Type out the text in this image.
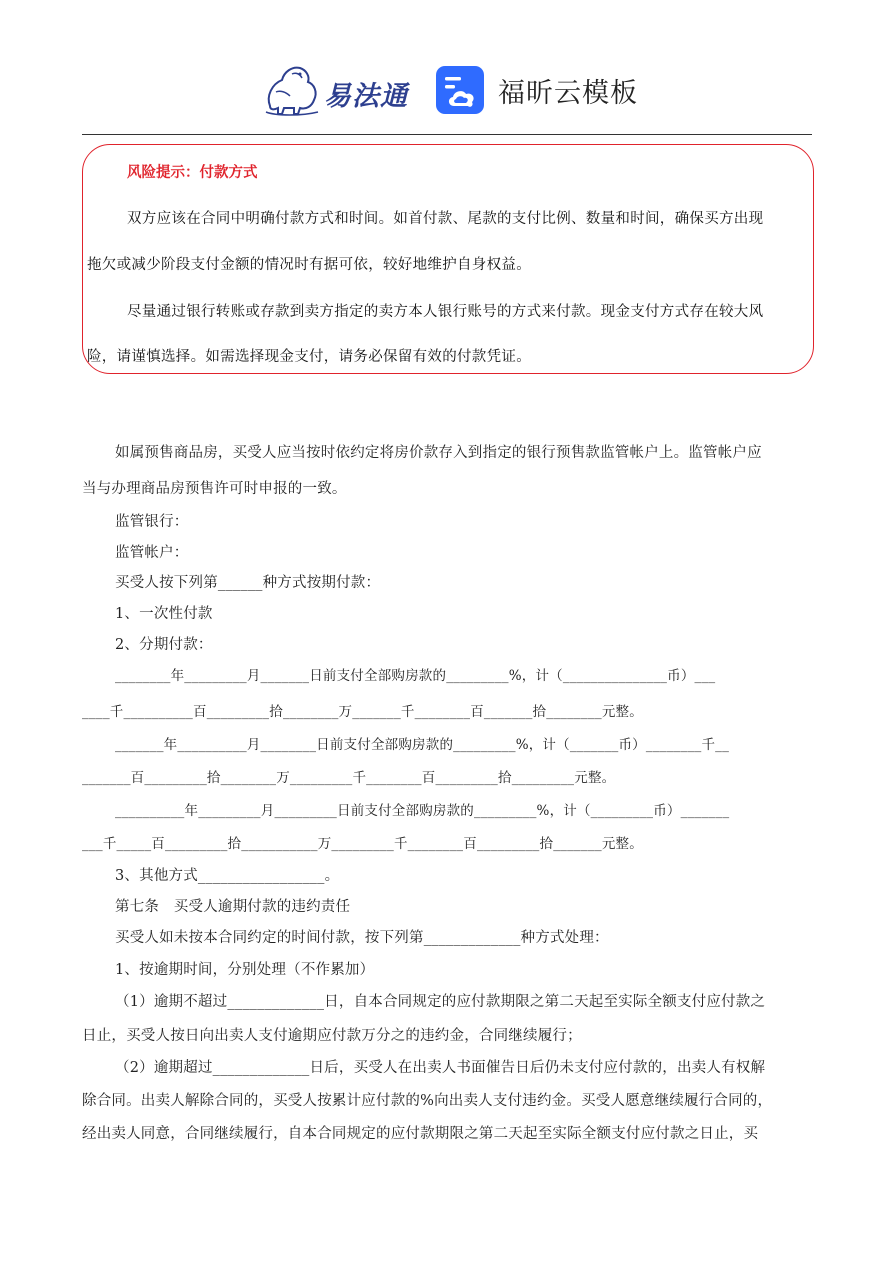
易法通	福昕云模板
风险提示：付款方式
双方应该在合同中明确付款方式和时间。如首付款、尾款的支付比例、数量和时间，确保买方出现
拖欠或减少阶段支付金额的情况时有据可依，较好地维护自身权益。
尽量通过银行转账或存款到卖方指定的卖方本人银行账号的方式来付款。现金支付方式存在较大风
险，请谨慎选择。如需选择现金支付，请务必保留有效的付款凭证。
如属预售商品房，买受人应当按时依约定将房价款存入到指定的银行预售款监管帐户上。监管帐户应
当与办理商品房预售许可时申报的一致。
监管银行：
监管帐户：
买受人按下列第______种方式按期付款：
1、一次性付款
2、分期付款：
________年_________月_______日前支付全部购房款的_________%，计（_______________币）___
____千__________百_________拾________万_______千________百_______拾________元整。
_______年__________月________日前支付全部购房款的_________%，计（_______币）________千__
_______百_________拾________万_________千________百_________拾_________元整。
__________年_________月_________日前支付全部购房款的_________%，计（_________币）_______
___千_____百_________拾___________万_________千________百_________拾_______元整。
3、其他方式_________________。
第七条　买受人逾期付款的违约责任
买受人如未按本合同约定的时间付款，按下列第_____________种方式处理：
1、按逾期时间，分别处理（不作累加）
（1）逾期不超过_____________日，自本合同规定的应付款期限之第二天起至实际全额支付应付款之
日止，买受人按日向出卖人支付逾期应付款万分之的违约金，合同继续履行；
（2）逾期超过_____________日后，买受人在出卖人书面催告日后仍未支付应付款的，出卖人有权解
除合同。出卖人解除合同的，买受人按累计应付款的%向出卖人支付违约金。买受人愿意继续履行合同的，
经出卖人同意，合同继续履行，自本合同规定的应付款期限之第二天起至实际全额支付应付款之日止，买
